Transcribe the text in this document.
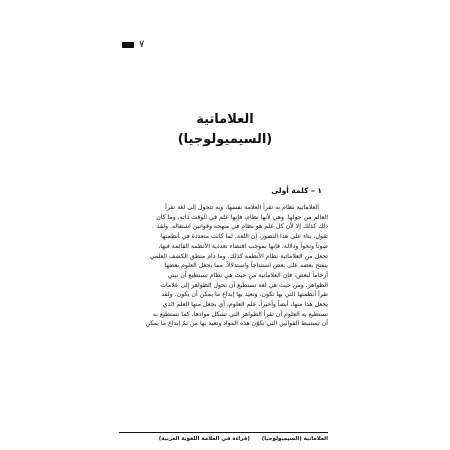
٧
العلاماتية
(السيميولوجيا)
١ – كلمة أولى
العلاماتية نظام به تقرأ العلامة نفسها، وبه تتحول إلى لغة تقرأ
العالم من حولها. وهي لأنها نظام، فإنها علم في الوقت ذاته، وما كان
ذلك كذلك إلا لأن كل علم هو نظام في منهجه وقوانين اشتغاله. ولقد
تقول، بناء على هذا التصور، إن اللغة، لما كانت متعددة في أنظمتها
صوتاً ونحواً ودلالة، فإنها بموجب اقتضاء تعددية الأنظمة القائمة فيها،
تجعل من العلاماتية نظام الأنظمة كذلك. وما دام منطق الكشف العلمي
ينفتح بعضه على بعض استنتاجاً واستدلالاً، مما يجعل العلوم بعضها
أرحاماً لبعض، فإن العلاماتية من حيث هي نظام تستطيع أن تبني
الظواهر، ومن حيث هي لغة تستطيع أن تحول الظواهر إلى علامات
تقرأ أنظمتها التي بها تكون، وتعيد بها إبداع ما يمكن أن يكون. ولقد
يجعل هذا منها، أيضاً وأخيراً، علم العلوم، أي يجعل منها العلم الذي
تستطيع به العلوم أن تقرأ الظواهر التي تشكل موادها، كما تستطيع به
أن تستنبط القوانين التي تكوّن هذه المواد وتعيد بها من ثمّ إبداع ما يمكن
العلاماتية (السيميولوجيا) (قراءة في العلامة اللغوية العربية)
